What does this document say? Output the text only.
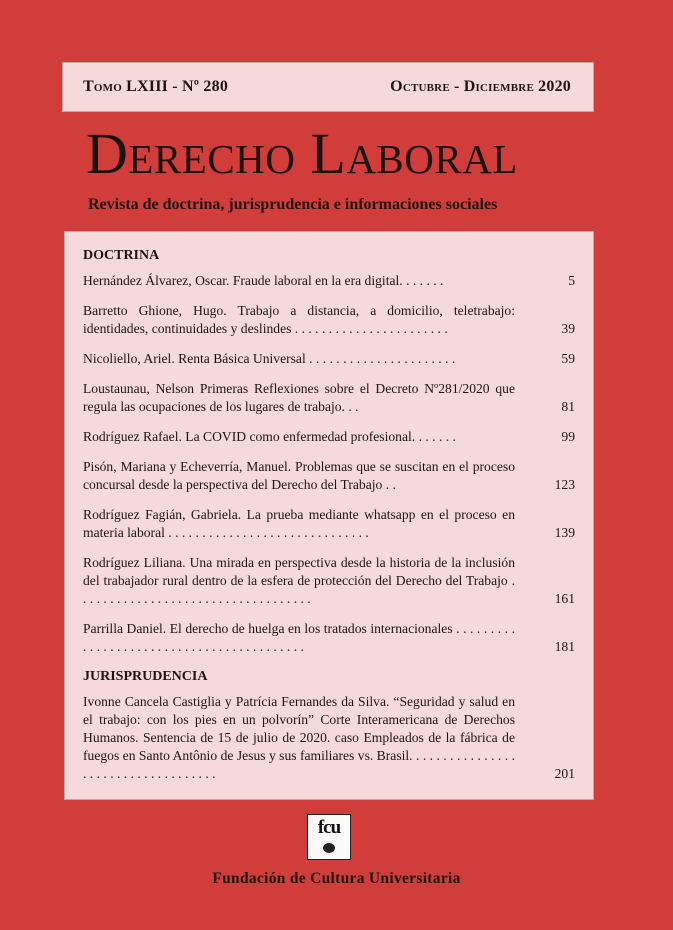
Tomo LXIII - Nº 280	Octubre - Diciembre 2020
Derecho Laboral
Revista de doctrina, jurisprudencia e informaciones sociales
DOCTRINA
Hernández Álvarez, Oscar. Fraude laboral en la era digital. . . . . . .	5
Barretto Ghione, Hugo. Trabajo a distancia, a domicilio, teletrabajo: identidades, continuidades y deslindes . . . . . . . . . . . . . . . . . . . . . . .	39
Nicoliello, Ariel. Renta Básica Universal . . . . . . . . . . . . . . . . . . . . . .	59
Loustaunau, Nelson Primeras Reflexiones sobre el Decreto Nº281/2020 que regula las ocupaciones de los lugares de trabajo. . .	81
Rodríguez Rafael. La COVID como enfermedad profesional. . . . . . .	99
Pisón, Mariana y Echeverría, Manuel. Problemas que se suscitan en el proceso concursal desde la perspectiva del Derecho del Trabajo . .	123
Rodríguez Fagián, Gabriela. La prueba mediante whatsapp en el proceso en materia laboral . . . . . . . . . . . . . . . . . . . . . . . . . . . . . .	139
Rodríguez Liliana. Una mirada en perspectiva desde la historia de la inclusión del trabajador rural dentro de la esfera de protección del Derecho del Trabajo . . . . . . . . . . . . . . . . . . . . . . . . . . . . . . . . . . .	161
Parrilla Daniel. El derecho de huelga en los tratados internacionales . . . . . . . . . . . . . . . . . . . . . . . . . . . . . . . . . . . . . . . . . .	181
JURISPRUDENCIA
Ivonne Cancela Castiglia y Patrícia Fernandes da Silva. “Seguridad y salud en el trabajo: con los pies en un polvorín” Corte Interamericana de Derechos Humanos. Sentencia de 15 de julio de 2020. caso Empleados de la fábrica de fuegos en Santo Antônio de Jesus y sus familiares vs. Brasil. . . . . . . . . . . . . . . . . . . . . . . . . . . . . . . . . . . .	201
fcu
Fundación de Cultura Universitaria
